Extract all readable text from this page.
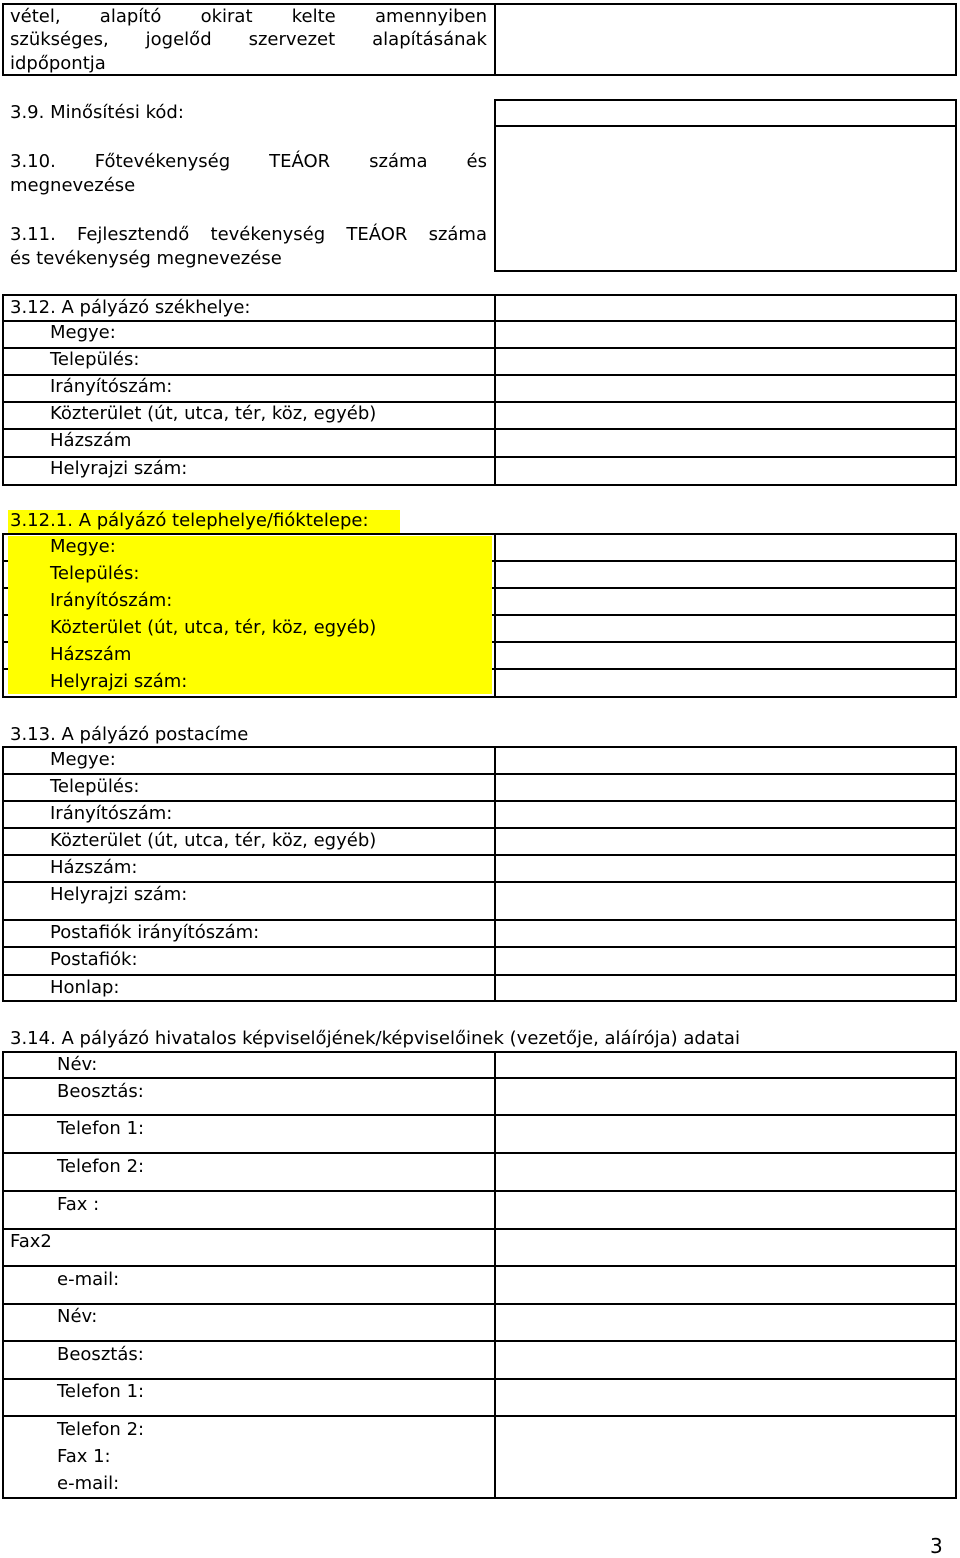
vétel, alapító okirat kelte amennyiben
szükséges, jogelőd szervezet alapításának
idpőpontja
3.9. Minősítési kód:
3.10. Főtevékenység TEÁOR száma és
megnevezése
3.11. Fejlesztendő tevékenység TEÁOR száma
és tevékenység megnevezése
3.12. A pályázó székhelye:
Megye:
Település:
Irányítószám:
Közterület (út, utca, tér, köz, egyéb)
Házszám
Helyrajzi szám:
3.12.1. A pályázó telephelye/fióktelepe:
Megye:
Település:
Irányítószám:
Közterület (út, utca, tér, köz, egyéb)
Házszám
Helyrajzi szám:
3.13. A pályázó postacíme
Megye:
Település:
Irányítószám:
Közterület (út, utca, tér, köz, egyéb)
Házszám:
Helyrajzi szám:
Postafiók irányítószám:
Postafiók:
Honlap:
3.14. A pályázó hivatalos képviselőjének/képviselőinek (vezetője, aláírója) adatai
Név:
Beosztás:
Telefon 1:
Telefon 2:
Fax :
Fax2
e-mail:
Név:
Beosztás:
Telefon 1:
Telefon 2:
Fax 1:
e-mail:
3
